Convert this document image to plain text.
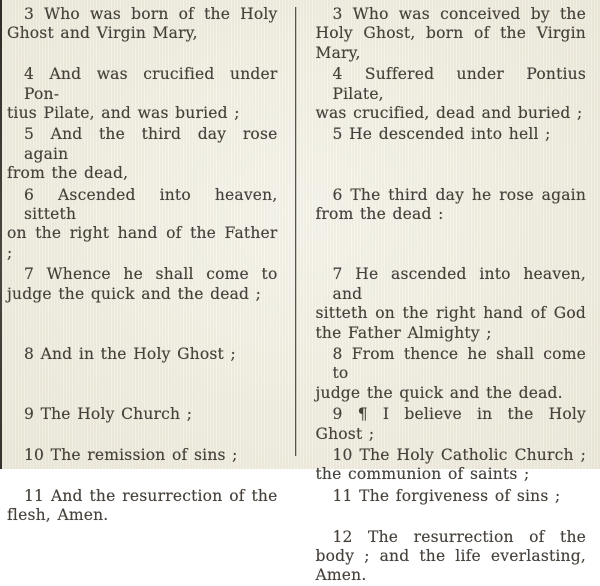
3 Who was born of the Holy
Ghost and Virgin Mary,
3 Who was conceived by the
Holy Ghost, born of the Virgin
Mary,
4 And was crucified under Pon-
tius Pilate, and was buried ;
4 Suffered under Pontius Pilate,
was crucified, dead and buried ;
5 And the third day rose again
from the dead,
5 He descended into hell ;
6 Ascended into heaven, sitteth
on the right hand of the Father ;
6 The third day he rose again
from the dead :
7 Whence he shall come to
judge the quick and the dead ;
7 He ascended into heaven, and
sitteth on the right hand of God
the Father Almighty ;
8 And in the Holy Ghost ;	8 From thence he shall come to
judge the quick and the dead.
9 The Holy Church ;	9 ¶ I believe in the Holy
Ghost ;
10 The remission of sins ;	10 The Holy Catholic Church ;
the communion of saints ;
11 And the resurrection of the
flesh, Amen.
11 The forgiveness of sins ;
12 The resurrection of the
body ; and the life everlasting,
Amen.
